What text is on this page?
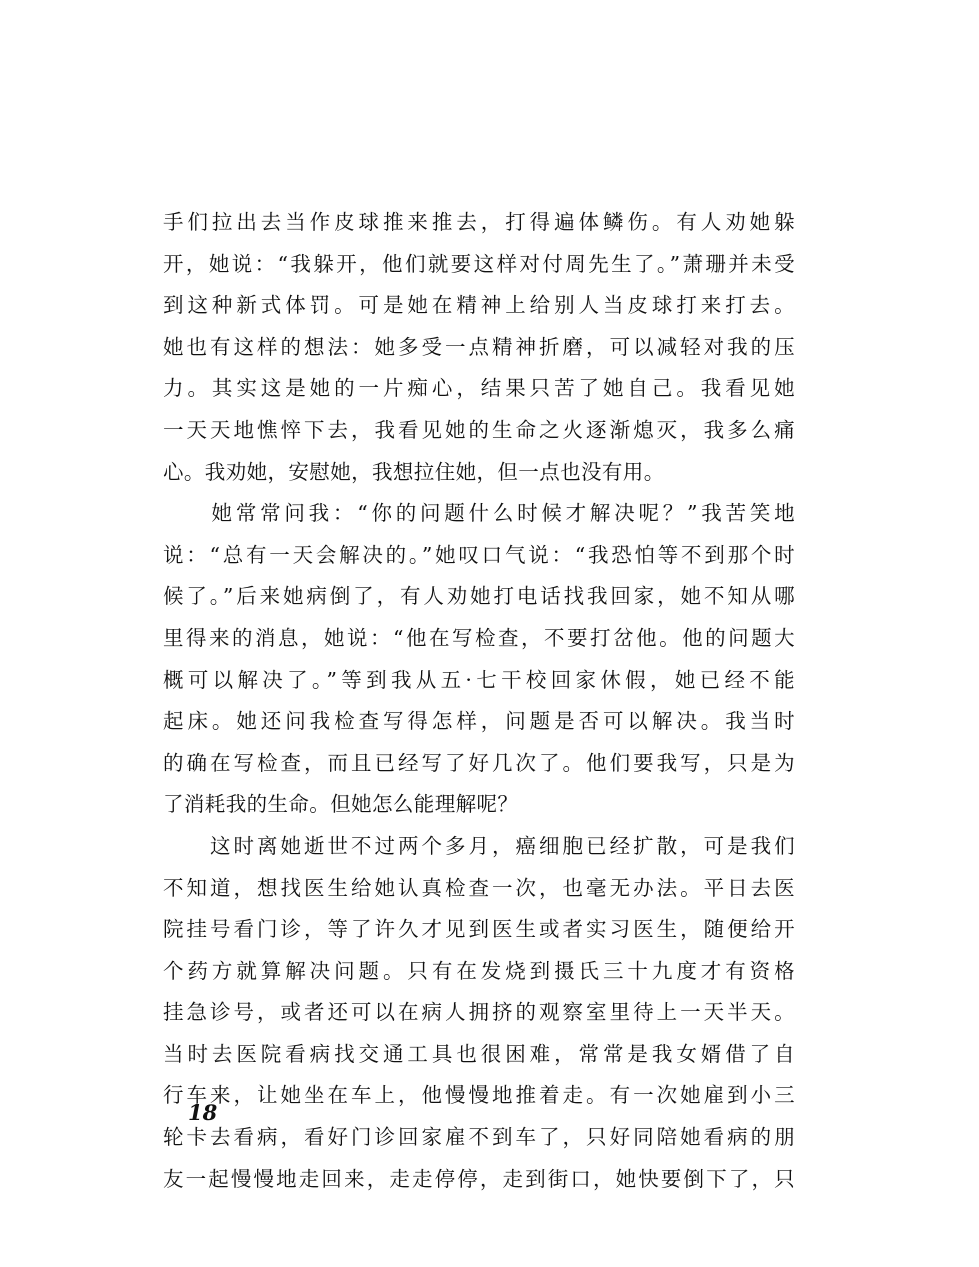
手们拉出去当作皮球推来推去，打得遍体鳞伤。有人劝她躲
开，她说：“我躲开，他们就要这样对付周先生了。”萧珊并未受
到这种新式体罚。可是她在精神上给别人当皮球打来打去。
她也有这样的想法：她多受一点精神折磨，可以减轻对我的压
力。其实这是她的一片痴心，结果只苦了她自己。我看见她
一天天地憔悴下去，我看见她的生命之火逐渐熄灭，我多么痛
心。我劝她，安慰她，我想拉住她，但一点也没有用。
　　她常常问我：“你的问题什么时候才解决呢？”我苦笑地
说：“总有一天会解决的。”她叹口气说：“我恐怕等不到那个时
候了。”后来她病倒了，有人劝她打电话找我回家，她不知从哪
里得来的消息，她说：“他在写检查，不要打岔他。他的问题大
概可以解决了。”等到我从五·七干校回家休假，她已经不能
起床。她还问我检查写得怎样，问题是否可以解决。我当时
的确在写检查，而且已经写了好几次了。他们要我写，只是为
了消耗我的生命。但她怎么能理解呢？
　　这时离她逝世不过两个多月，癌细胞已经扩散，可是我们
不知道，想找医生给她认真检查一次，也毫无办法。平日去医
院挂号看门诊，等了许久才见到医生或者实习医生，随便给开
个药方就算解决问题。只有在发烧到摄氏三十九度才有资格
挂急诊号，或者还可以在病人拥挤的观察室里待上一天半天。
当时去医院看病找交通工具也很困难，常常是我女婿借了自
行车来，让她坐在车上，他慢慢地推着走。有一次她雇到小三
轮卡去看病，看好门诊回家雇不到车了，只好同陪她看病的朋
友一起慢慢地走回来，走走停停，走到街口，她快要倒下了，只
18
